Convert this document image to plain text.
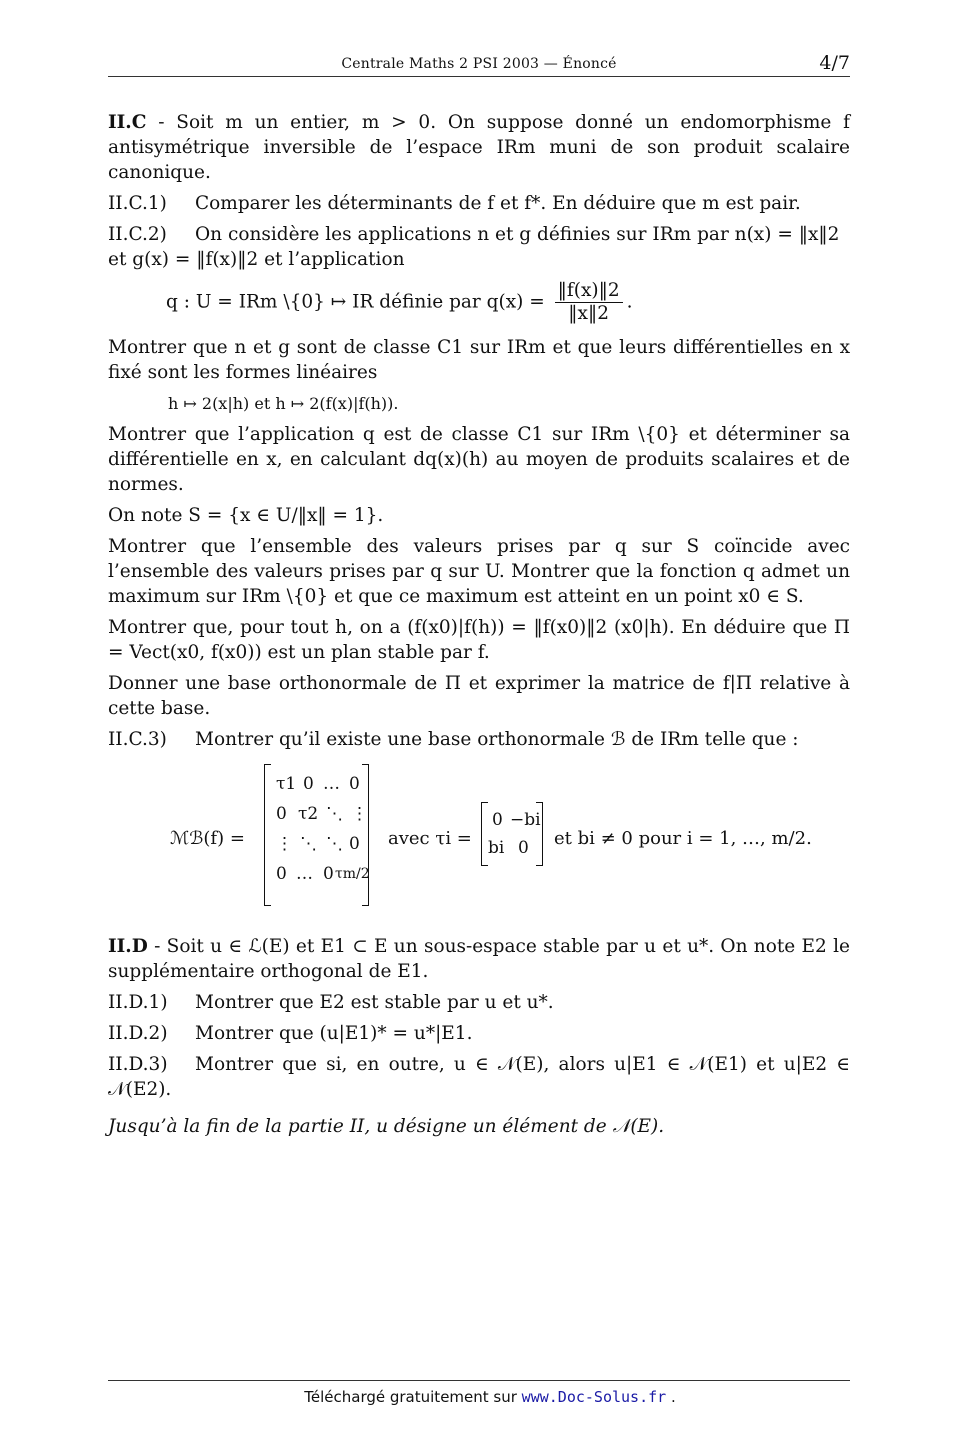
Centrale Maths 2 PSI 2003 — Énoncé	4/7

II.C - Soit m un entier, m > 0. On suppose donné un endomorphisme f antisymétrique inversible de l’espace IRm muni de son produit scalaire canonique.

II.C.1) Comparer les déterminants de f et f*. En déduire que m est pair.

II.C.2) On considère les applications n et g définies sur IRm par n(x) = ‖x‖2

et g(x) = ‖f(x)‖2 et l’application

q : U = IRm \{0} ↦ IR définie par $q(x) = \frac{‖f(x)‖2}{‖x‖2}$ .

Montrer que n et g sont de classe C1 sur IRm et que leurs différentielles en x fixé sont les formes linéaires

h ↦ 2(x|h) et h ↦ 2(f(x)|f(h)).

Montrer que l’application q est de classe C1 sur IRm \{0} et déterminer sa différentielle en x, en calculant dq(x)(h) au moyen de produits scalaires et de normes.

On note S = {x ∈ U/‖x‖ = 1}.

Montrer que l’ensemble des valeurs prises par q sur S coïncide avec l’ensemble des valeurs prises par q sur U. Montrer que la fonction q admet un maximum sur IRm \{0} et que ce maximum est atteint en un point x0 ∈ S.

Montrer que, pour tout h, on a (f(x0)|f(h)) = ‖f(x0)‖2 (x0|h). En déduire que Π = Vect(x0, f(x0)) est un plan stable par f.

Donner une base orthonormale de Π et exprimer la matrice de f|Π relative à cette base.

II.C.3) Montrer qu’il existe une base orthonormale ℬ de IRm telle que :

ℳℬ(f) =
τ1 0 … 0
0 τ2 ⋱ ⋮
⋮ ⋱ ⋱ 0
0 … 0 τm/2
avec τi =
0 −bi
bi 0 et bi ≠ 0 pour i = 1, …, m/2.

II.D - Soit u ∈ ℒ(E) et E1 ⊂ E un sous-espace stable par u et u*. On note E2 le supplémentaire orthogonal de E1.

II.D.1) Montrer que E2 est stable par u et u*.

II.D.2) Montrer que (u|E1)* = u*|E1.

II.D.3) Montrer que si, en outre, u ∈ 𝒩(E), alors u|E1 ∈ 𝒩(E1) et u|E2 ∈ 𝒩(E2).

Jusqu’à la fin de la partie II, u désigne un élément de 𝒩(E).

Téléchargé gratuitement sur www.Doc-Solus.fr .
